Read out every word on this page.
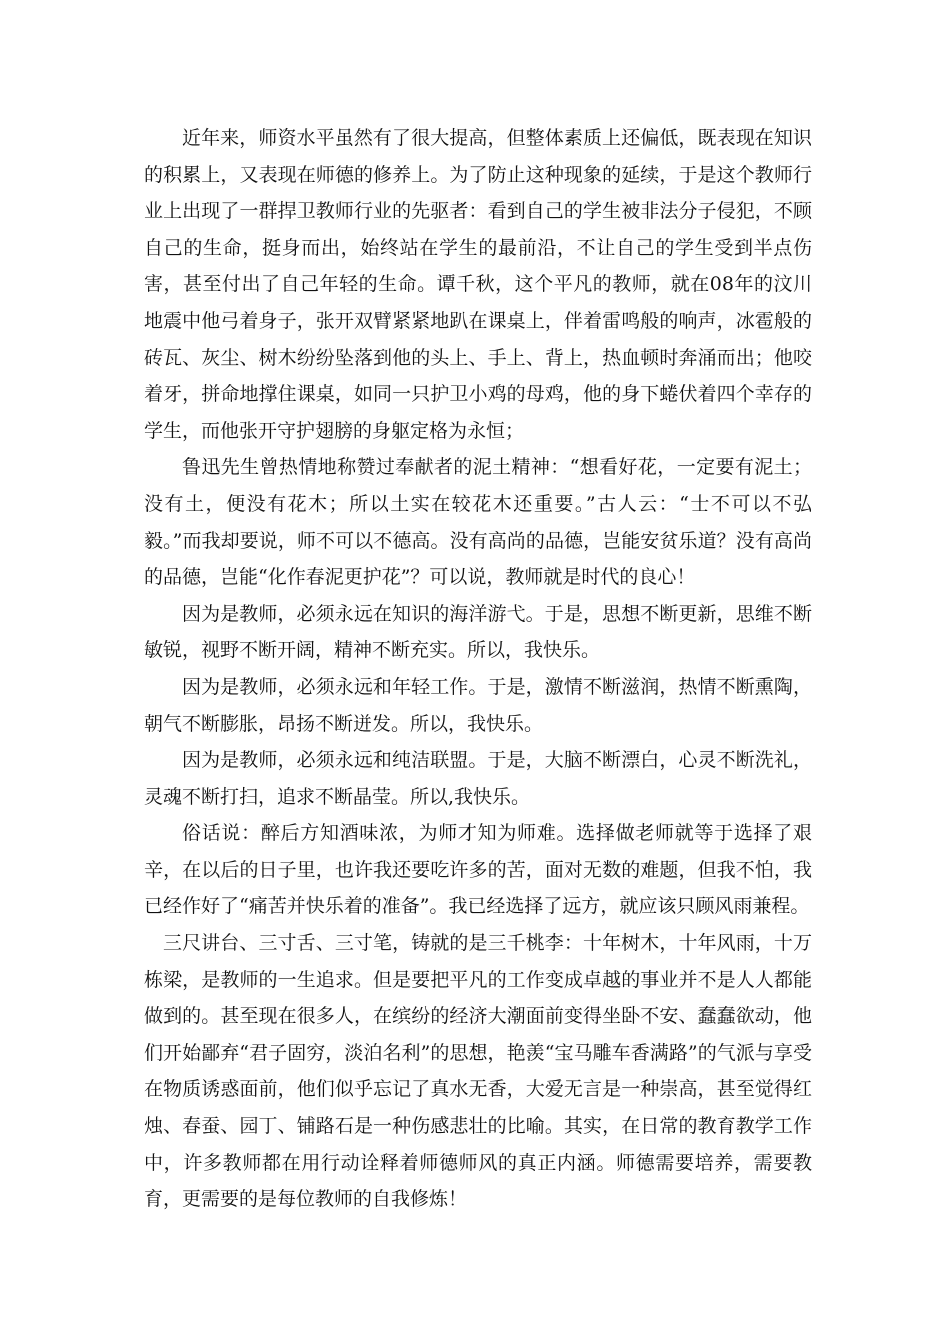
近年来，师资水平虽然有了很大提高，但整体素质上还偏低，既表现在知识的积累上，又表现在师德的修养上。为了防止这种现象的延续，于是这个教师行业上出现了一群捍卫教师行业的先驱者：看到自己的学生被非法分子侵犯，不顾自己的生命，挺身而出，始终站在学生的最前沿，不让自己的学生受到半点伤害，甚至付出了自己年轻的生命。谭千秋，这个平凡的教师，就在08年的汶川地震中他弓着身子，张开双臂紧紧地趴在课桌上，伴着雷鸣般的响声，冰雹般的砖瓦、灰尘、树木纷纷坠落到他的头上、手上、背上，热血顿时奔涌而出；他咬着牙，拼命地撑住课桌，如同一只护卫小鸡的母鸡，他的身下蜷伏着四个幸存的学生，而他张开守护翅膀的身躯定格为永恒；

鲁迅先生曾热情地称赞过奉献者的泥土精神：“想看好花，一定要有泥土；没有土，便没有花木；所以土实在较花木还重要。”古人云：“士不可以不弘毅。”而我却要说，师不可以不德高。没有高尚的品德，岂能安贫乐道？没有高尚的品德，岂能“化作春泥更护花”？可以说，教师就是时代的良心！

因为是教师，必须永远在知识的海洋游弋。于是，思想不断更新，思维不断敏锐，视野不断开阔，精神不断充实。所以，我快乐。

因为是教师，必须永远和年轻工作。于是，激情不断滋润，热情不断熏陶，朝气不断膨胀，昂扬不断迸发。所以，我快乐。

因为是教师，必须永远和纯洁联盟。于是，大脑不断漂白，心灵不断洗礼，灵魂不断打扫，追求不断晶莹。所以,我快乐。

俗话说：醉后方知酒味浓，为师才知为师难。选择做老师就等于选择了艰辛，在以后的日子里，也许我还要吃许多的苦，面对无数的难题，但我不怕，我已经作好了“痛苦并快乐着的准备”。我已经选择了远方，就应该只顾风雨兼程。

三尺讲台、三寸舌、三寸笔，铸就的是三千桃李：十年树木，十年风雨，十万栋梁，是教师的一生追求。但是要把平凡的工作变成卓越的事业并不是人人都能做到的。甚至现在很多人，在缤纷的经济大潮面前变得坐卧不安、蠢蠢欲动，他们开始鄙弃“君子固穷，淡泊名利”的思想，艳羡“宝马雕车香满路”的气派与享受在物质诱惑面前，他们似乎忘记了真水无香，大爱无言是一种崇高，甚至觉得红烛、春蚕、园丁、铺路石是一种伤感悲壮的比喻。其实，在日常的教育教学工作中，许多教师都在用行动诠释着师德师风的真正内涵。师德需要培养，需要教育，更需要的是每位教师的自我修炼！
